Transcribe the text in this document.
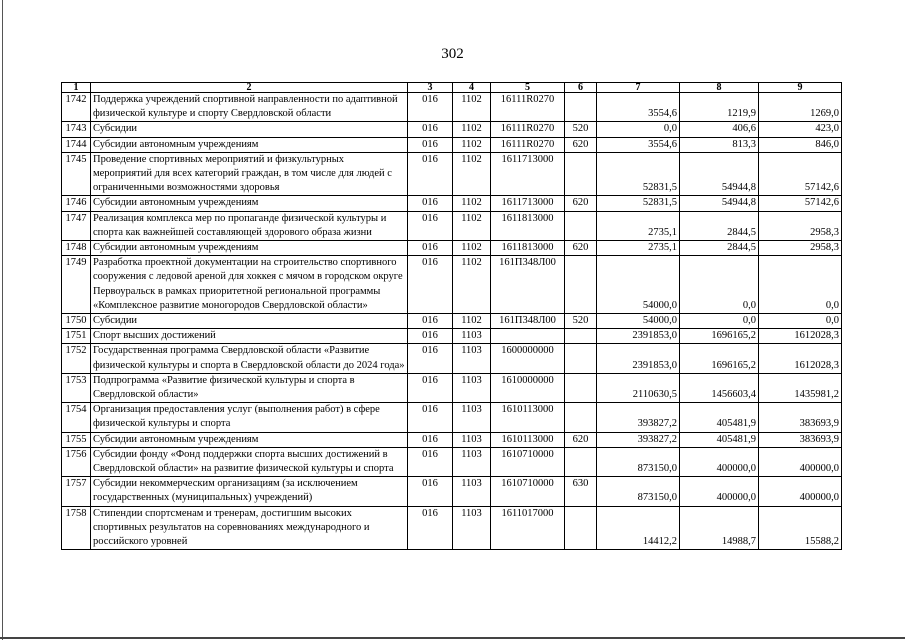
302
1	2	3	4	5	6	7	8	9
1742	Поддержка учреждений спортивной направленности по адаптивной физической культуре и спорту Свердловской области	016	1102	16111R0270		3554,6	1219,9	1269,0
1743	Субсидии	016	1102	16111R0270	520	0,0	406,6	423,0
1744	Субсидии автономным учреждениям	016	1102	16111R0270	620	3554,6	813,3	846,0
1745	Проведение спортивных мероприятий и физкультурных мероприятий для всех категорий граждан, в том числе для людей с ограниченными возможностями здоровья	016	1102	1611713000		52831,5	54944,8	57142,6
1746	Субсидии автономным учреждениям	016	1102	1611713000	620	52831,5	54944,8	57142,6
1747	Реализация комплекса мер по пропаганде физической культуры и спорта как важнейшей составляющей здорового образа жизни	016	1102	1611813000		2735,1	2844,5	2958,3
1748	Субсидии автономным учреждениям	016	1102	1611813000	620	2735,1	2844,5	2958,3
1749	Разработка проектной документации на строительство спортивного сооружения с ледовой ареной для хоккея с мячом в городском округе Первоуральск в рамках приоритетной региональной программы «Комплексное развитие моногородов Свердловской области»	016	1102	161П348Л00		54000,0	0,0	0,0
1750	Субсидии	016	1102	161П348Л00	520	54000,0	0,0	0,0
1751	Спорт высших достижений	016	1103			2391853,0	1696165,2	1612028,3
1752	Государственная программа Свердловской области «Развитие физической культуры и спорта в Свердловской области до 2024 года»	016	1103	1600000000		2391853,0	1696165,2	1612028,3
1753	Подпрограмма «Развитие физической культуры и спорта в Свердловской области»	016	1103	1610000000		2110630,5	1456603,4	1435981,2
1754	Организация предоставления услуг (выполнения работ) в сфере физической культуры и спорта	016	1103	1610113000		393827,2	405481,9	383693,9
1755	Субсидии автономным учреждениям	016	1103	1610113000	620	393827,2	405481,9	383693,9
1756	Субсидии фонду «Фонд поддержки спорта высших достижений в Свердловской области» на развитие физической культуры и спорта	016	1103	1610710000		873150,0	400000,0	400000,0
1757	Субсидии некоммерческим организациям (за исключением государственных (муниципальных) учреждений)	016	1103	1610710000	630	873150,0	400000,0	400000,0
1758	Стипендии спортсменам и тренерам, достигшим высоких спортивных результатов на соревнованиях международного и российского уровней	016	1103	1611017000		14412,2	14988,7	15588,2
